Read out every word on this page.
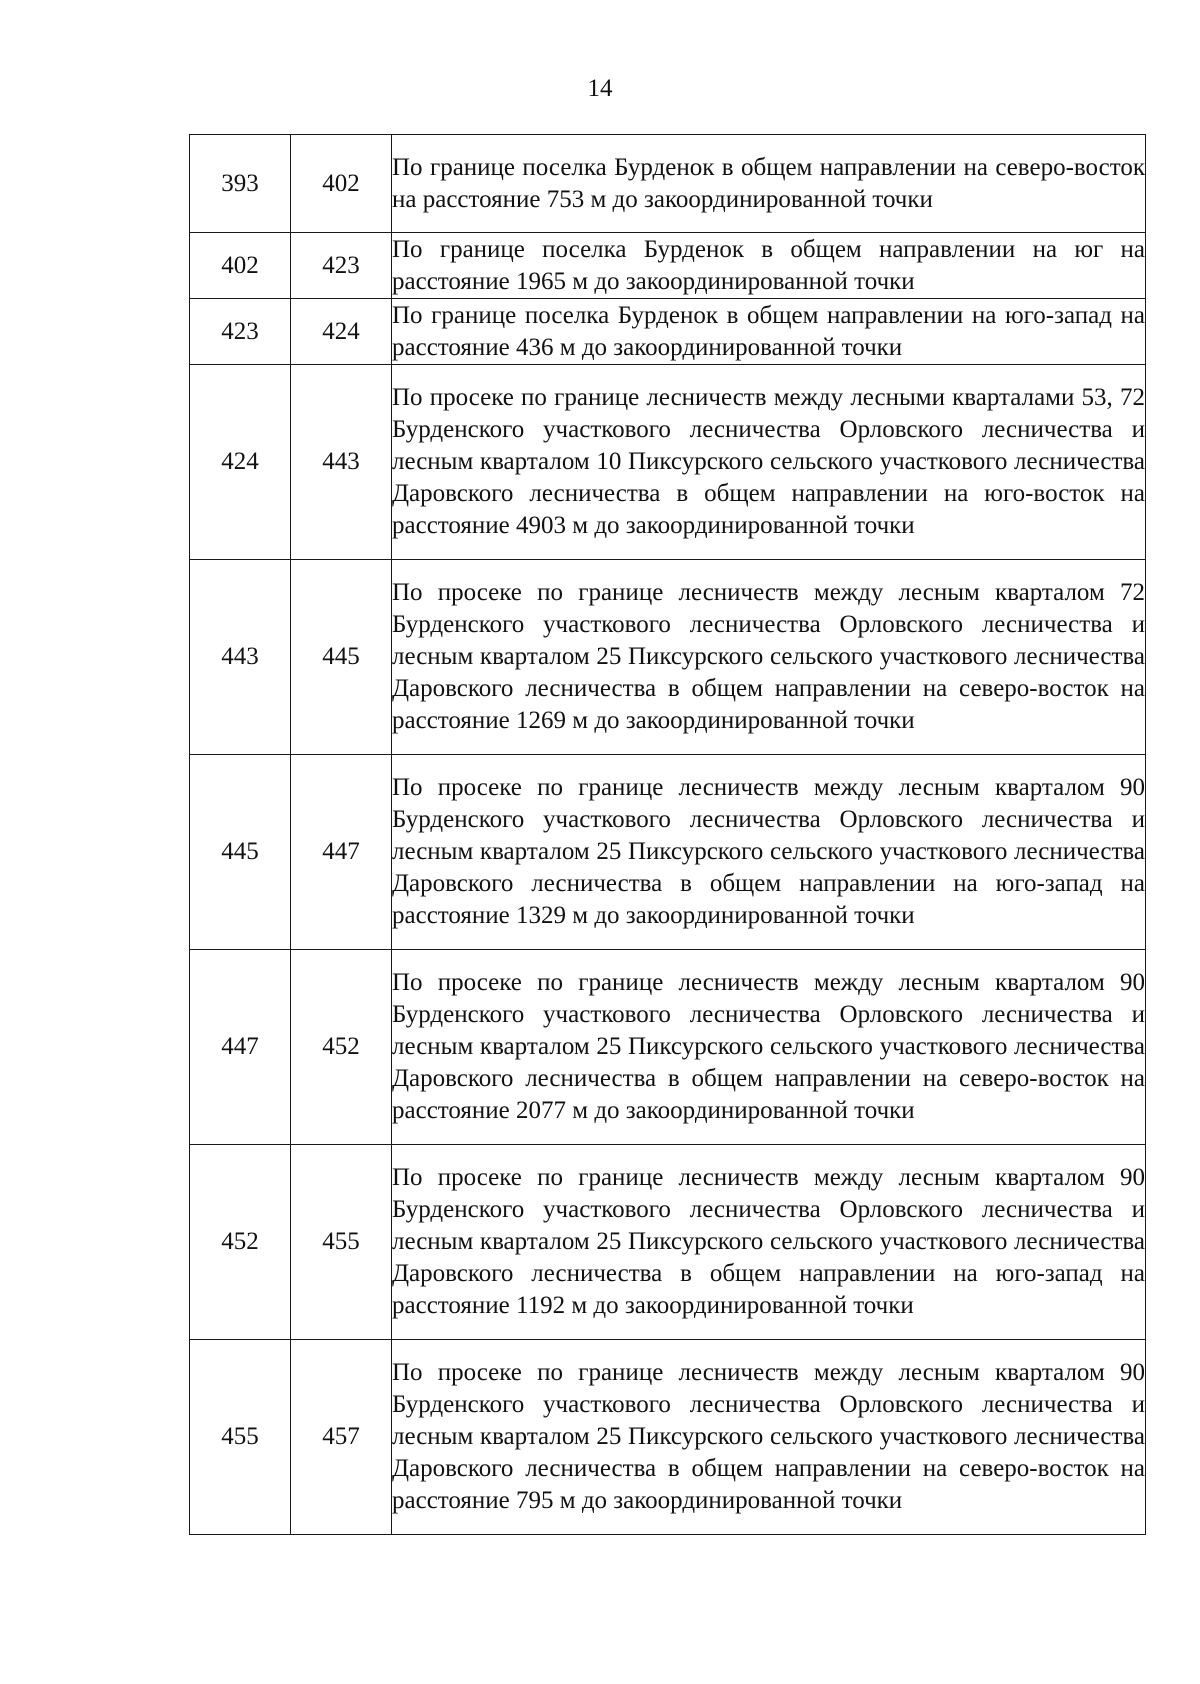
14
393	402	По границе поселка Бурденок в общем направлении на северо-восток на расстояние 753 м до закоординированной точки
402	423	По границе поселка Бурденок в общем направлении на юг на расстояние 1965 м до закоординированной точки
423	424	По границе поселка Бурденок в общем направлении на юго-запад на расстояние 436 м до закоординированной точки
424	443	По просеке по границе лесничеств между лесными кварталами 53, 72 Бурденского участкового лесничества Орловского лесничества и лесным кварталом 10 Пиксурского сельского участкового лесничества Даровского лесничества в общем направлении на юго-восток на расстояние 4903 м до закоординированной точки
443	445	По просеке по границе лесничеств между лесным кварталом 72 Бурденского участкового лесничества Орловского лесничества и лесным кварталом 25 Пиксурского сельского участкового лесничества Даровского лесничества в общем направлении на северо-восток на расстояние 1269 м до закоординированной точки
445	447	По просеке по границе лесничеств между лесным кварталом 90 Бурденского участкового лесничества Орловского лесничества и лесным кварталом 25 Пиксурского сельского участкового лесничества Даровского лесничества в общем направлении на юго-запад на расстояние 1329 м до закоординированной точки
447	452	По просеке по границе лесничеств между лесным кварталом 90 Бурденского участкового лесничества Орловского лесничества и лесным кварталом 25 Пиксурского сельского участкового лесничества Даровского лесничества в общем направлении на северо-восток на расстояние 2077 м до закоординированной точки
452	455	По просеке по границе лесничеств между лесным кварталом 90 Бурденского участкового лесничества Орловского лесничества и лесным кварталом 25 Пиксурского сельского участкового лесничества Даровского лесничества в общем направлении на юго-запад на расстояние 1192 м до закоординированной точки
455	457	По просеке по границе лесничеств между лесным кварталом 90 Бурденского участкового лесничества Орловского лесничества и лесным кварталом 25 Пиксурского сельского участкового лесничества Даровского лесничества в общем направлении на северо-восток на расстояние 795 м до закоординированной точки
